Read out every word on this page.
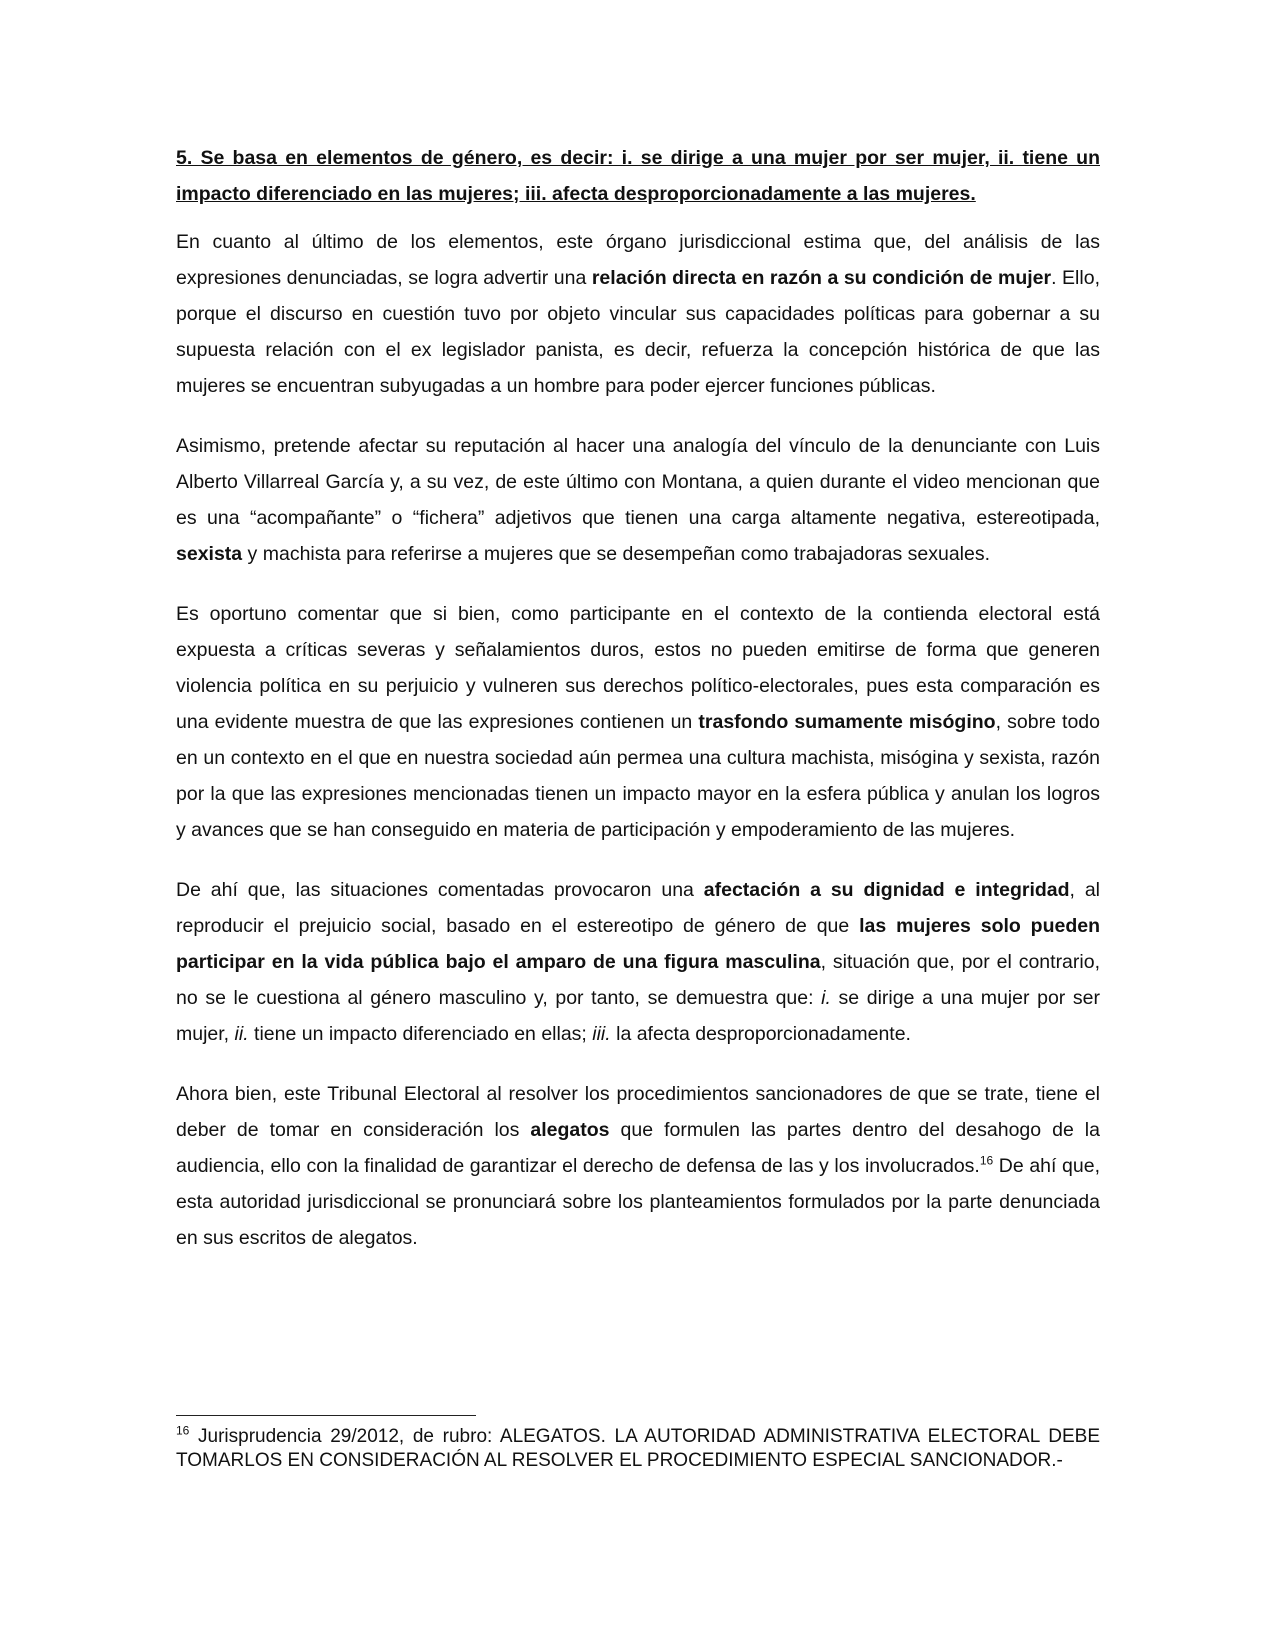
5. Se basa en elementos de género, es decir: i. se dirige a una mujer por ser mujer, ii. tiene un impacto diferenciado en las mujeres; iii. afecta desproporcionadamente a las mujeres.

En cuanto al último de los elementos, este órgano jurisdiccional estima que, del análisis de las expresiones denunciadas, se logra advertir una relación directa en razón a su condición de mujer. Ello, porque el discurso en cuestión tuvo por objeto vincular sus capacidades políticas para gobernar a su supuesta relación con el ex legislador panista, es decir, refuerza la concepción histórica de que las mujeres se encuentran subyugadas a un hombre para poder ejercer funciones públicas.

Asimismo, pretende afectar su reputación al hacer una analogía del vínculo de la denunciante con Luis Alberto Villarreal García y, a su vez, de este último con Montana, a quien durante el video mencionan que es una “acompañante” o “fichera” adjetivos que tienen una carga altamente negativa, estereotipada, sexista y machista para referirse a mujeres que se desempeñan como trabajadoras sexuales.

Es oportuno comentar que si bien, como participante en el contexto de la contienda electoral está expuesta a críticas severas y señalamientos duros, estos no pueden emitirse de forma que generen violencia política en su perjuicio y vulneren sus derechos político-electorales, pues esta comparación es una evidente muestra de que las expresiones contienen un trasfondo sumamente misógino, sobre todo en un contexto en el que en nuestra sociedad aún permea una cultura machista, misógina y sexista, razón por la que las expresiones mencionadas tienen un impacto mayor en la esfera pública y anulan los logros y avances que se han conseguido en materia de participación y empoderamiento de las mujeres.

De ahí que, las situaciones comentadas provocaron una afectación a su dignidad e integridad, al reproducir el prejuicio social, basado en el estereotipo de género de que las mujeres solo pueden participar en la vida pública bajo el amparo de una figura masculina, situación que, por el contrario, no se le cuestiona al género masculino y, por tanto, se demuestra que: i. se dirige a una mujer por ser mujer, ii. tiene un impacto diferenciado en ellas; iii. la afecta desproporcionadamente.

Ahora bien, este Tribunal Electoral al resolver los procedimientos sancionadores de que se trate, tiene el deber de tomar en consideración los alegatos que formulen las partes dentro del desahogo de la audiencia, ello con la finalidad de garantizar el derecho de defensa de las y los involucrados.$^{16}$ De ahí que, esta autoridad jurisdiccional se pronunciará sobre los planteamientos formulados por la parte denunciada en sus escritos de alegatos.

$^{16}$ Jurisprudencia 29/2012, de rubro: ALEGATOS. LA AUTORIDAD ADMINISTRATIVA ELECTORAL DEBE TOMARLOS EN CONSIDERACIÓN AL RESOLVER EL PROCEDIMIENTO ESPECIAL SANCIONADOR.-
